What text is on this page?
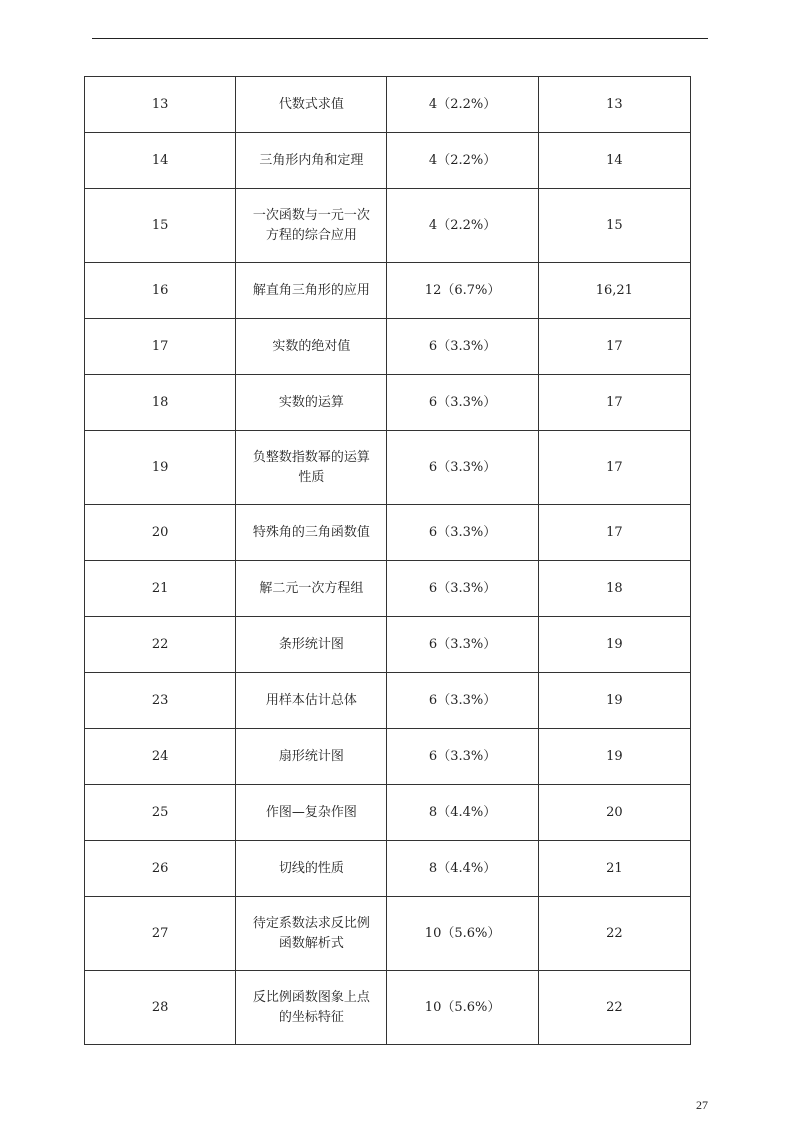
13	代数式求值	4（2.2%）	13
14	三角形内角和定理	4（2.2%）	14
15	一次函数与一元一次方程的综合应用	4（2.2%）	15
16	解直角三角形的应用	12（6.7%）	16,21
17	实数的绝对值	6（3.3%）	17
18	实数的运算	6（3.3%）	17
19	负整数指数幂的运算性质	6（3.3%）	17
20	特殊角的三角函数值	6（3.3%）	17
21	解二元一次方程组	6（3.3%）	18
22	条形统计图	6（3.3%）	19
23	用样本估计总体	6（3.3%）	19
24	扇形统计图	6（3.3%）	19
25	作图—复杂作图	8（4.4%）	20
26	切线的性质	8（4.4%）	21
27	待定系数法求反比例函数解析式	10（5.6%）	22
28	反比例函数图象上点的坐标特征	10（5.6%）	22
27
